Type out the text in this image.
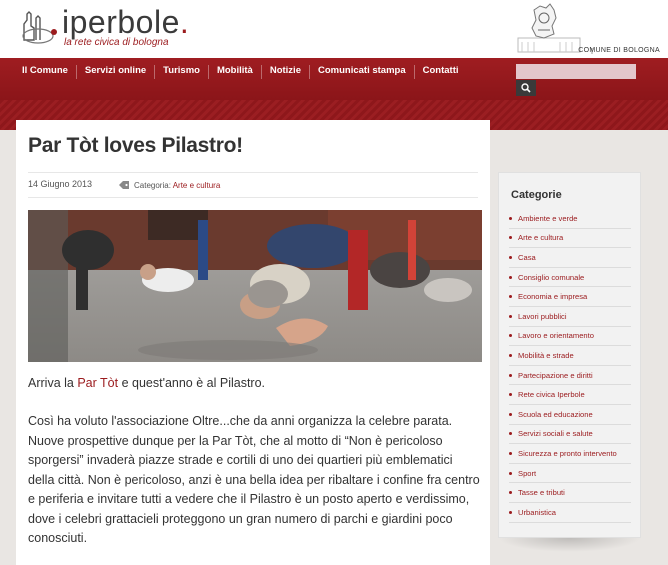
iperbole.
la rete civica di bologna
COMUNE DI BOLOGNA
Il Comune	Servizi online	Turismo	Mobilità	Notizie	Comunicati stampa	Contatti
Par Tòt loves Pilastro!
14 Giugno 2013	Categoria: Arte e cultura

Arriva la Par Tòt e quest'anno è al Pilastro.

Così ha voluto l'associazione Oltre...che da anni organizza la celebre parata. Nuove prospettive dunque per la Par Tòt, che al motto di “Non è pericoloso sporgersi” invaderà piazze strade e cortili di uno dei quartieri più emblematici della città. Non è pericoloso, anzi è una bella idea per ribaltare i confine fra centro e periferia e invitare tutti a vedere che il Pilastro è un posto aperto e verdissimo, dove i celebri grattacieli proteggono un gran numero di parchi e giardini poco conosciuti.

Categorie
Ambiente e verde
Arte e cultura
Casa
Consiglio comunale
Economia e impresa
Lavori pubblici
Lavoro e orientamento
Mobilità e strade
Partecipazione e diritti
Rete civica Iperbole
Scuola ed educazione
Servizi sociali e salute
Sicurezza e pronto intervento
Sport
Tasse e tributi
Urbanistica
